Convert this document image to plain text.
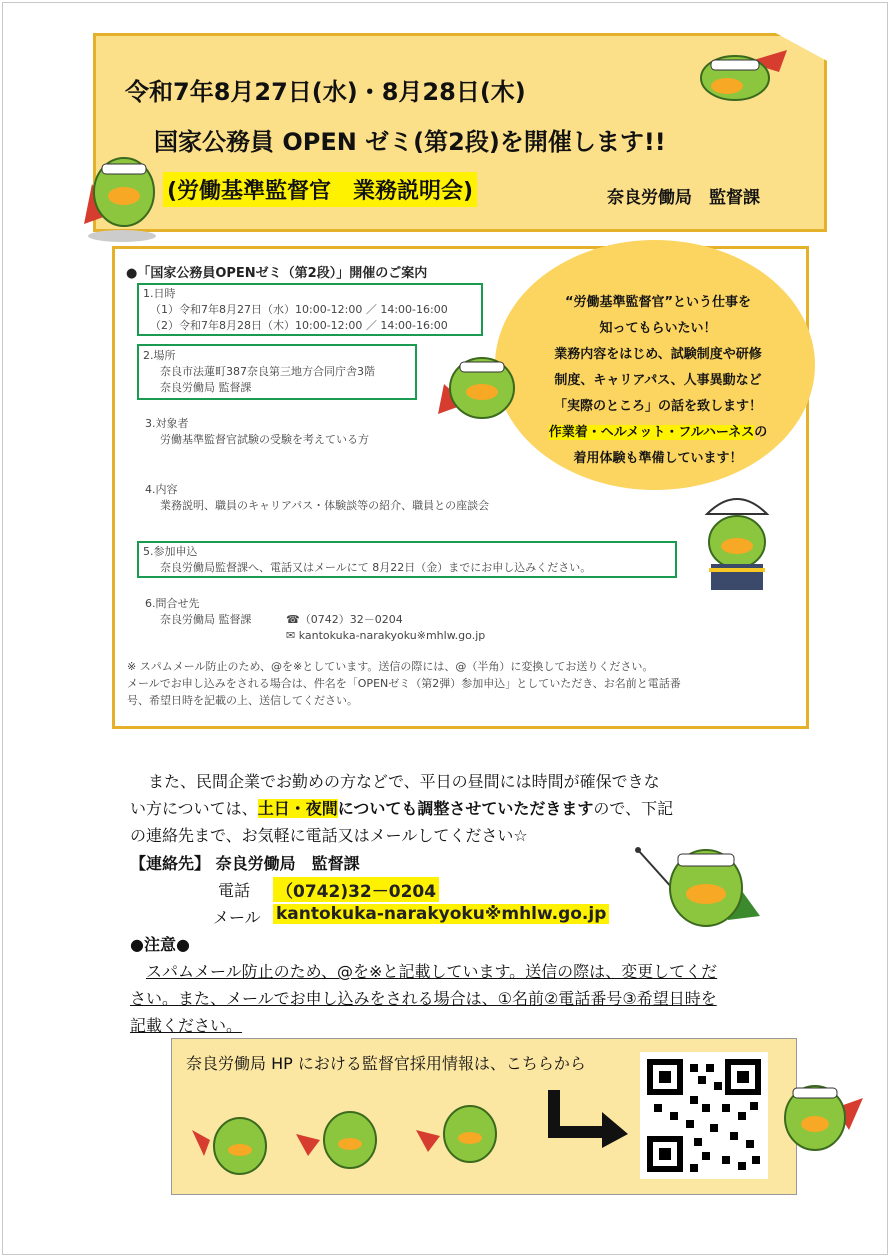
令和7年8月27日(水)・8月28日(木)
国家公務員 OPEN ゼミ(第2段)を開催します!!
(労働基準監督官　業務説明会)	奈良労働局　監督課
●「国家公務員OPENゼミ（第2段）」開催のご案内
1.日時
（1）令和7年8月27日（水）10:00-12:00 ／ 14:00-16:00
（2）令和7年8月28日（木）10:00-12:00 ／ 14:00-16:00
2.場所
奈良市法蓮町387奈良第三地方合同庁舎3階
奈良労働局 監督課
3.対象者
労働基準監督官試験の受験を考えている方
4.内容
業務説明、職員のキャリアパス・体験談等の紹介、職員との座談会
5.参加申込
奈良労働局監督課へ、電話又はメールにて 8月22日（金）までにお申し込みください。
6.問合せ先
奈良労働局 監督課	☎（0742）32－0204
✉ kantokuka-narakyoku※mhlw.go.jp
※ スパムメール防止のため、@を※としています。送信の際には、@（半角）に変換してお送りください。
メールでお申し込みをされる場合は、件名を「OPENゼミ（第2弾）参加申込」としていただき、お名前と電話番
号、希望日時を記載の上、送信してください。
“労働基準監督官”という仕事を
知ってもらいたい！
業務内容をはじめ、試験制度や研修
制度、キャリアパス、人事異動など
「実際のところ」の話を致します！
作業着・ヘルメット・フルハーネスの
着用体験も準備しています！
また、民間企業でお勤めの方などで、平日の昼間には時間が確保できな
い方については、土日・夜間についても調整させていただきますので、下記
の連絡先まで、お気軽に電話又はメールしてください☆
【連絡先】 奈良労働局　監督課
電話 （0742)32－0204
メール kantokuka-narakyoku※mhlw.go.jp
●注意●
スパムメール防止のため、@を※と記載しています。送信の際は、変更してくだ
さい。また、メールでお申し込みをされる場合は、①名前②電話番号③希望日時を
記載ください。
奈良労働局 HP における監督官採用情報は、こちらから
